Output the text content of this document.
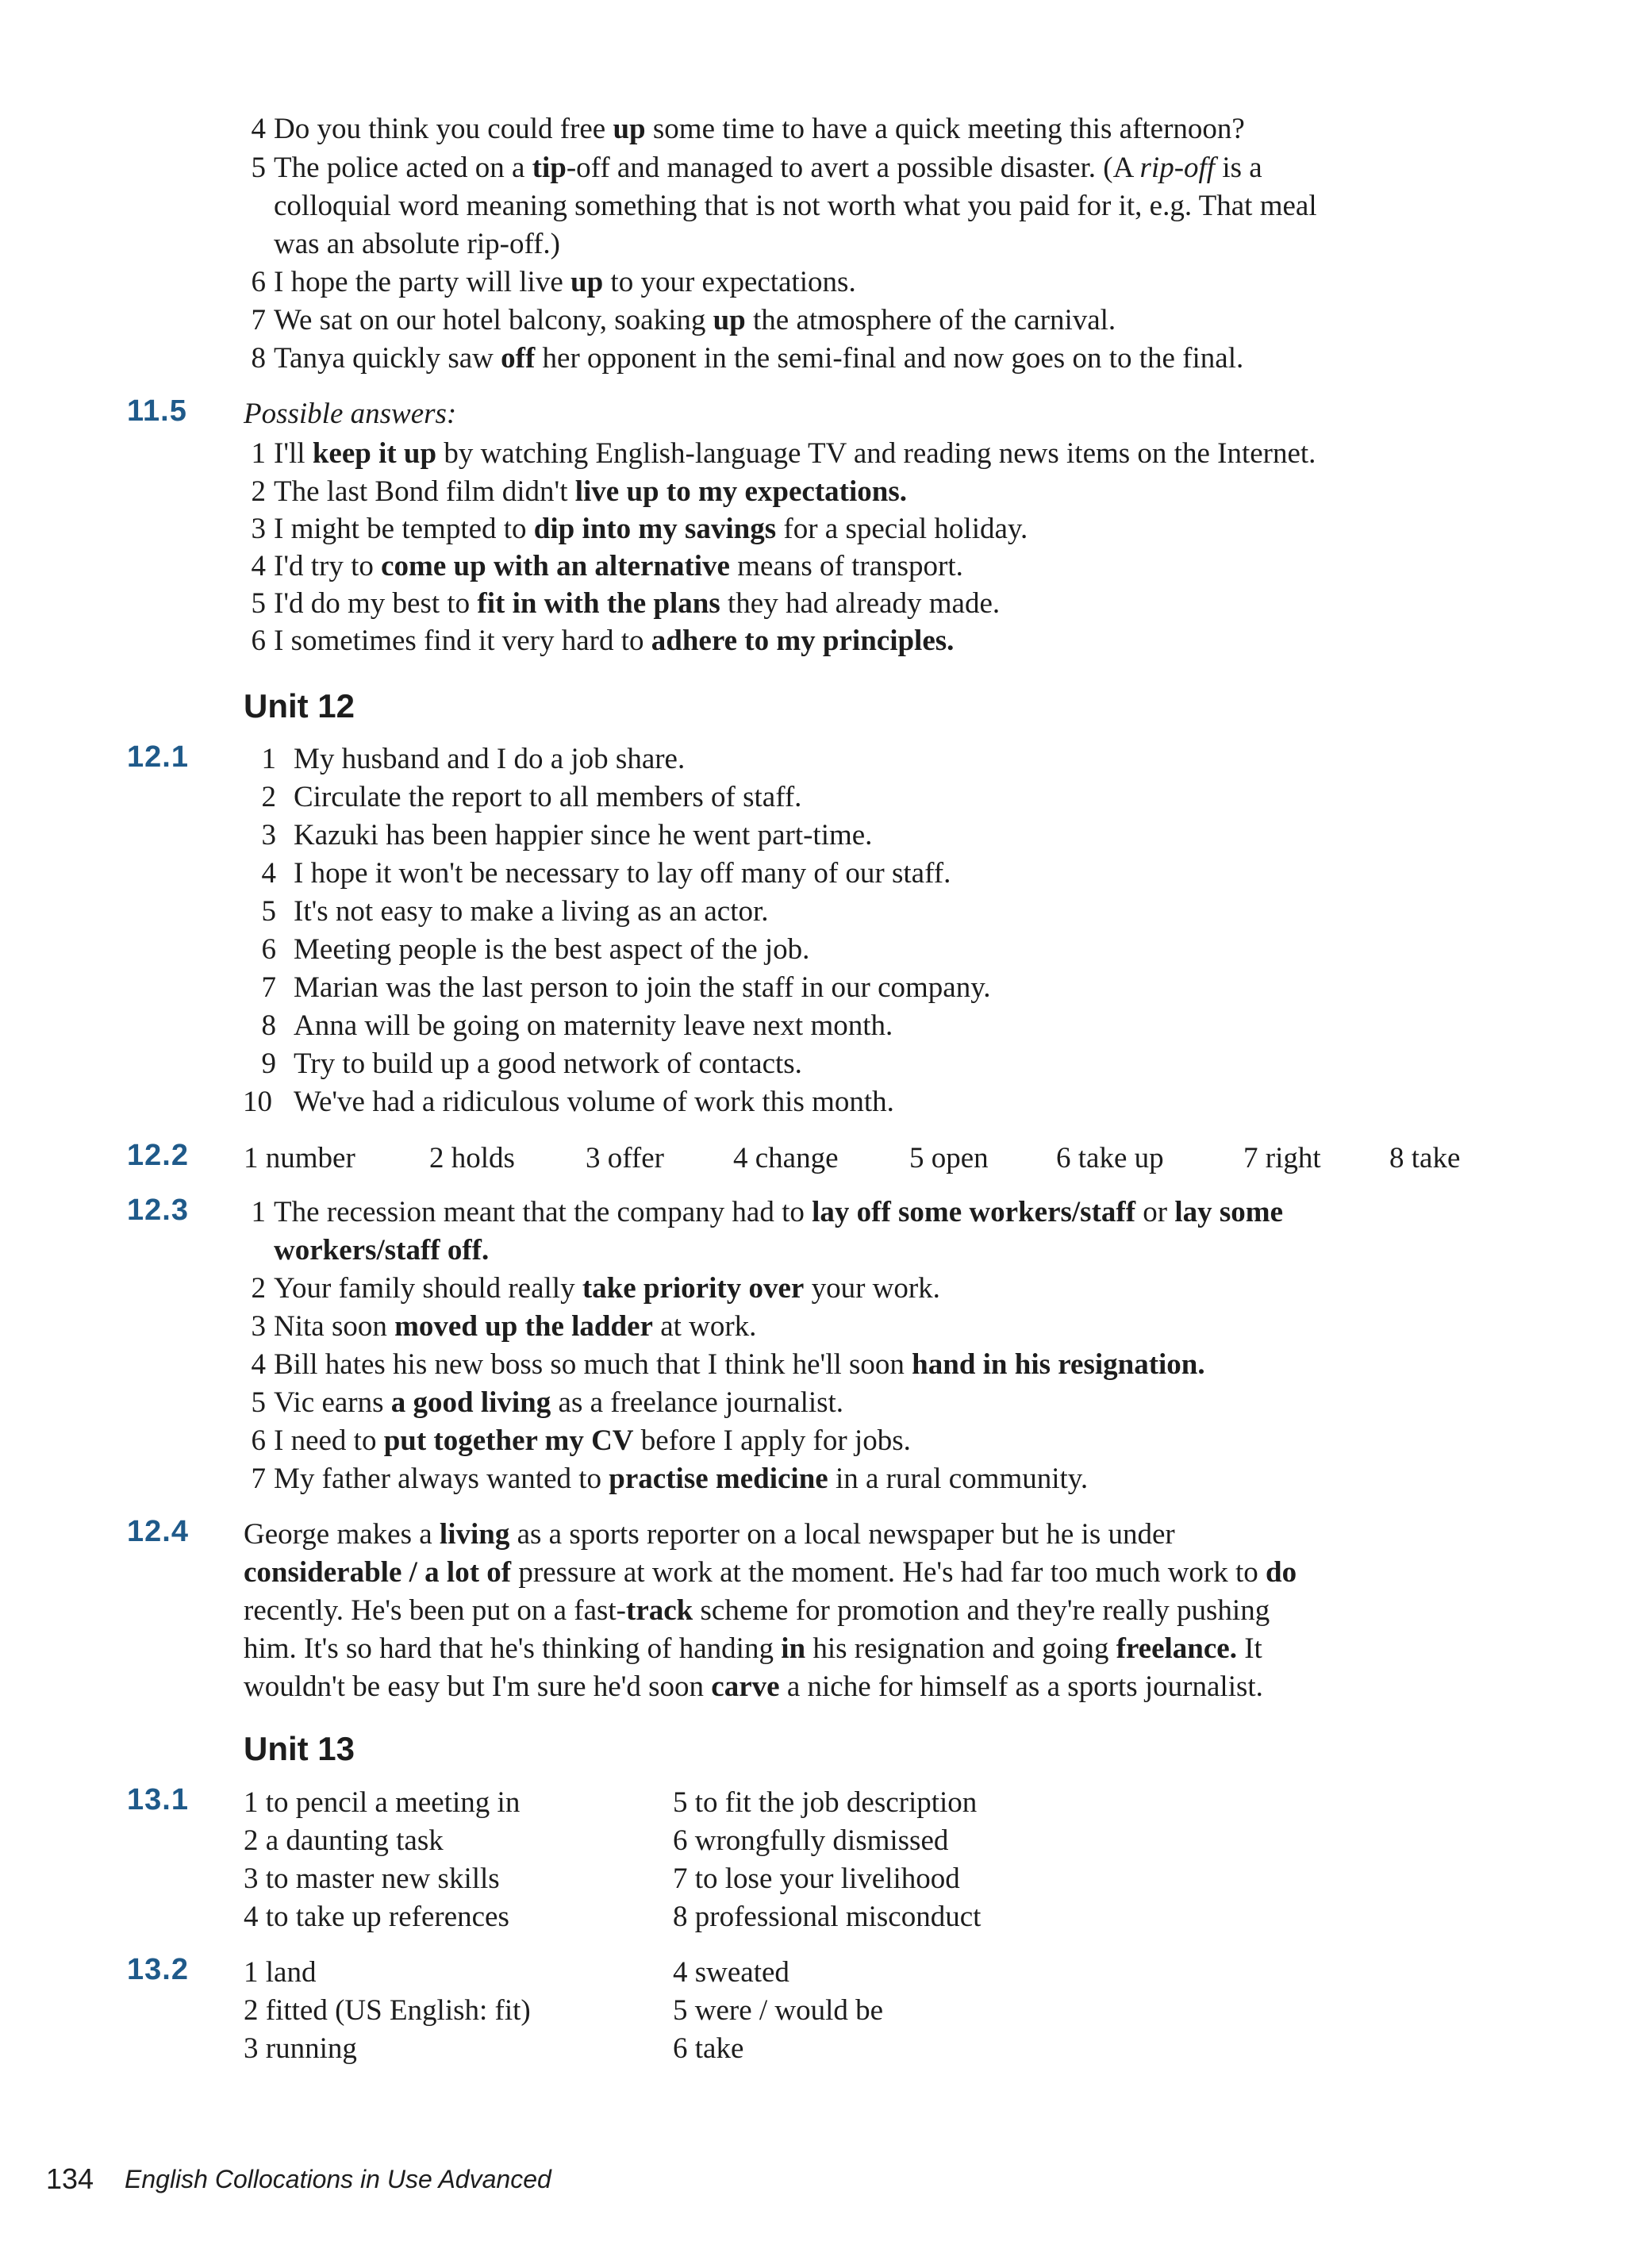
4 Do you think you could free up some time to have a quick meeting this afternoon?
5 The police acted on a tip-off and managed to avert a possible disaster. (A rip-off is a
colloquial word meaning something that is not worth what you paid for it, e.g. That meal
was an absolute rip-off.)
6 I hope the party will live up to your expectations.
7 We sat on our hotel balcony, soaking up the atmosphere of the carnival.
8 Tanya quickly saw off her opponent in the semi-final and now goes on to the final.
11.5 Possible answers:
1 I'll keep it up by watching English-language TV and reading news items on the Internet.
2 The last Bond film didn't live up to my expectations.
3 I might be tempted to dip into my savings for a special holiday.
4 I'd try to come up with an alternative means of transport.
5 I'd do my best to fit in with the plans they had already made.
6 I sometimes find it very hard to adhere to my principles.
Unit 12
12.1 1 My husband and I do a job share.
2 Circulate the report to all members of staff.
3 Kazuki has been happier since he went part-time.
4 I hope it won't be necessary to lay off many of our staff.
5 It's not easy to make a living as an actor.
6 Meeting people is the best aspect of the job.
7 Marian was the last person to join the staff in our company.
8 Anna will be going on maternity leave next month.
9 Try to build up a good network of contacts.
10 We've had a ridiculous volume of work this month.
12.2 1 number	2 holds 3 offer 4 change 5 open 6 take up	7 right 8 take
12.3 1 The recession meant that the company had to lay off some workers/staff or lay some
workers/staff off.
2 Your family should really take priority over your work.
3 Nita soon moved up the ladder at work.
4 Bill hates his new boss so much that I think he'll soon hand in his resignation.
5 Vic earns a good living as a freelance journalist.
6 I need to put together my CV before I apply for jobs.
7 My father always wanted to practise medicine in a rural community.
12.4 George makes a living as a sports reporter on a local newspaper but he is under
considerable / a lot of pressure at work at the moment. He's had far too much work to do
recently. He's been put on a fast-track scheme for promotion and they're really pushing
him. It's so hard that he's thinking of handing in his resignation and going freelance. It
wouldn't be easy but I'm sure he'd soon carve a niche for himself as a sports journalist.
Unit 13
13.1 1 to pencil a meeting in
2 a daunting task
3 to master new skills
4 to take up references
5 to fit the job description
6 wrongfully dismissed
7 to lose your livelihood
8 professional misconduct
13.2 1 land
2 fitted (US English: fit)
3 running
4 sweated
5 were / would be
6 take
134 English Collocations in Use Advanced
